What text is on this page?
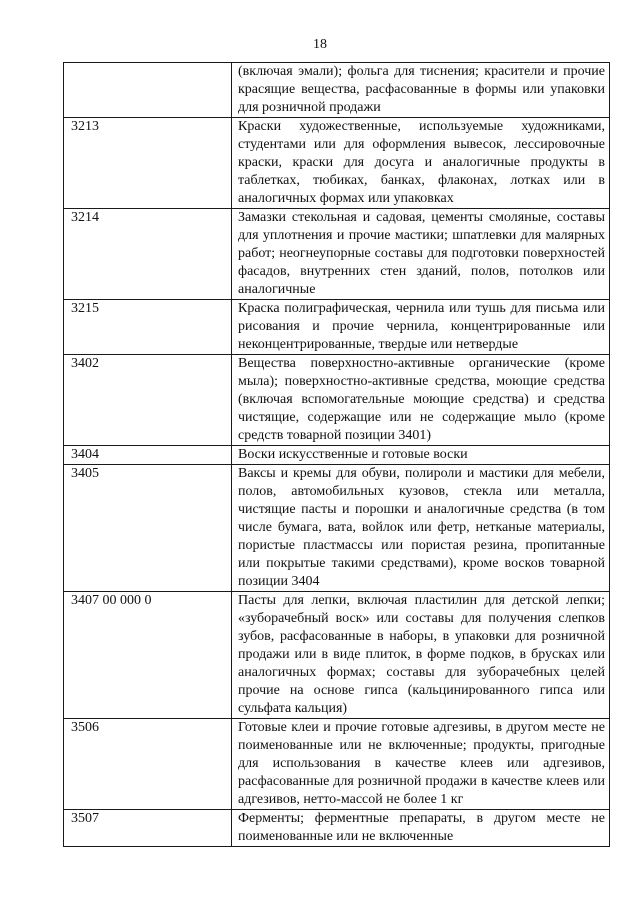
18
	(включая эмали); фольга для тиснения; красители и прочие красящие вещества, расфасованные в формы или упаковки для розничной продажи
3213	Краски художественные, используемые художниками, студентами или для оформления вывесок, лессировочные краски, краски для досуга и аналогичные продукты в таблетках, тюбиках, банках, флаконах, лотках или в аналогичных формах или упаковках
3214	Замазки стекольная и садовая, цементы смоляные, составы для уплотнения и прочие мастики; шпатлевки для малярных работ; неогнеупорные составы для подготовки поверхностей фасадов, внутренних стен зданий, полов, потолков или аналогичные
3215	Краска полиграфическая, чернила или тушь для письма или рисования и прочие чернила, концентрированные или неконцентрированные, твердые или нетвердые
3402	Вещества поверхностно-активные органические (кроме мыла); поверхностно-активные средства, моющие средства (включая вспомогательные моющие средства) и средства чистящие, содержащие или не содержащие мыло (кроме средств товарной позиции 3401)
3404	Воски искусственные и готовые воски
3405	Ваксы и кремы для обуви, полироли и мастики для мебели, полов, автомобильных кузовов, стекла или металла, чистящие пасты и порошки и аналогичные средства (в том числе бумага, вата, войлок или фетр, нетканые материалы, пористые пластмассы или пористая резина, пропитанные или покрытые такими средствами), кроме восков товарной позиции 3404
3407 00 000 0	Пасты для лепки, включая пластилин для детской лепки; «зуборачебный воск» или составы для получения слепков зубов, расфасованные в наборы, в упаковки для розничной продажи или в виде плиток, в форме подков, в брусках или аналогичных формах; составы для зуборачебных целей прочие на основе гипса (кальцинированного гипса или сульфата кальция)
3506	Готовые клеи и прочие готовые адгезивы, в другом месте не поименованные или не включенные; продукты, пригодные для использования в качестве клеев или адгезивов, расфасованные для розничной продажи в качестве клеев или адгезивов, нетто-массой не более 1 кг
3507	Ферменты; ферментные препараты, в другом месте не поименованные или не включенные
